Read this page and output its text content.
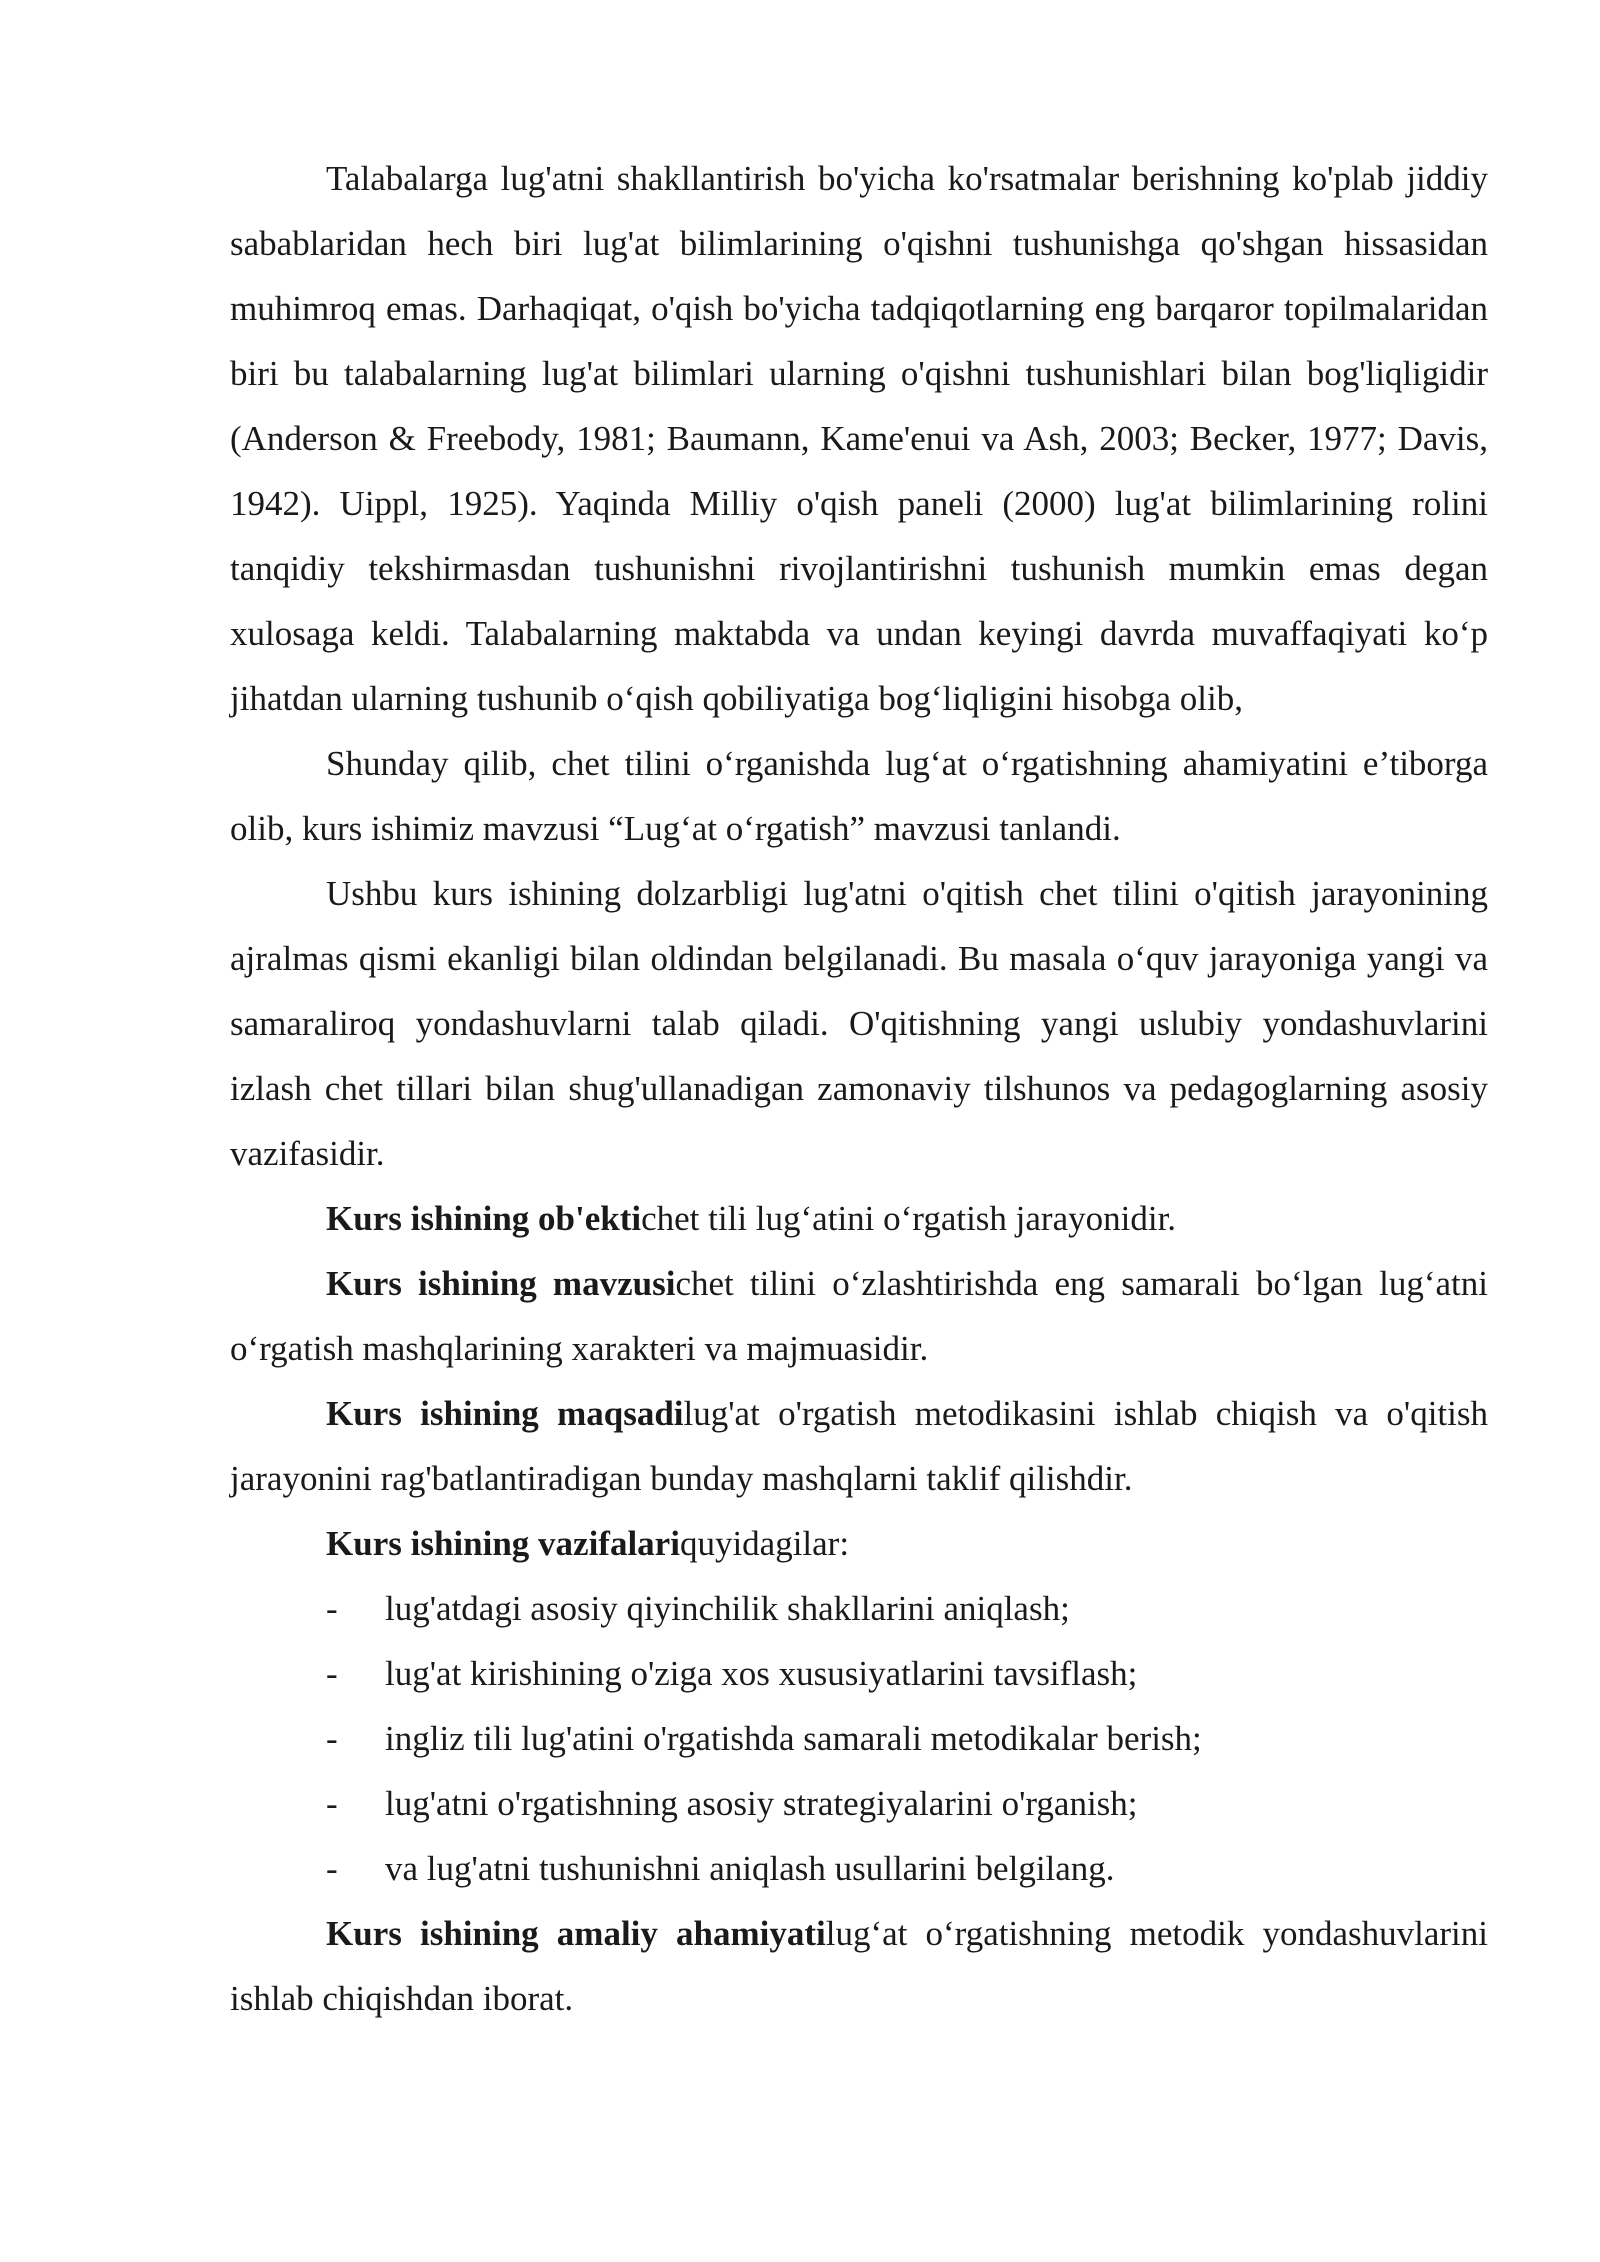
Talabalarga lug'atni shakllantirish bo'yicha ko'rsatmalar berishning ko'plab jiddiy sabablaridan hech biri lug'at bilimlarining o'qishni tushunishga qo'shgan hissasidan muhimroq emas. Darhaqiqat, o'qish bo'yicha tadqiqotlarning eng barqaror topilmalaridan biri bu talabalarning lug'at bilimlari ularning o'qishni tushunishlari bilan bog'liqligidir (Anderson & Freebody, 1981; Baumann, Kame'enui va Ash, 2003; Becker, 1977; Davis, 1942). Uippl, 1925). Yaqinda Milliy o'qish paneli (2000) lug'at bilimlarining rolini tanqidiy tekshirmasdan tushunishni rivojlantirishni tushunish mumkin emas degan xulosaga keldi. Talabalarning maktabda va undan keyingi davrda muvaffaqiyati ko‘p jihatdan ularning tushunib o‘qish qobiliyatiga bog‘liqligini hisobga olib,

Shunday qilib, chet tilini o‘rganishda lug‘at o‘rgatishning ahamiyatini e’tiborga olib, kurs ishimiz mavzusi “Lug‘at o‘rgatish” mavzusi tanlandi.

Ushbu kurs ishining dolzarbligi lug'atni o'qitish chet tilini o'qitish jarayonining ajralmas qismi ekanligi bilan oldindan belgilanadi. Bu masala o‘quv jarayoniga yangi va samaraliroq yondashuvlarni talab qiladi. O'qitishning yangi uslubiy yondashuvlarini izlash chet tillari bilan shug'ullanadigan zamonaviy tilshunos va pedagoglarning asosiy vazifasidir.

Kurs ishining ob'ektichet tili lug‘atini o‘rgatish jarayonidir.

Kurs ishining mavzusichet tilini o‘zlashtirishda eng samarali bo‘lgan lug‘atni o‘rgatish mashqlarining xarakteri va majmuasidir.

Kurs ishining maqsadilug'at o'rgatish metodikasini ishlab chiqish va o'qitish jarayonini rag'batlantiradigan bunday mashqlarni taklif qilishdir.

Kurs ishining vazifalariquyidagilar:

- lug'atdagi asosiy qiyinchilik shakllarini aniqlash;
- lug'at kirishining o'ziga xos xususiyatlarini tavsiflash;
- ingliz tili lug'atini o'rgatishda samarali metodikalar berish;
- lug'atni o'rgatishning asosiy strategiyalarini o'rganish;
- va lug'atni tushunishni aniqlash usullarini belgilang.

Kurs ishining amaliy ahamiyatilug‘at o‘rgatishning metodik yondashuvlarini ishlab chiqishdan iborat.
